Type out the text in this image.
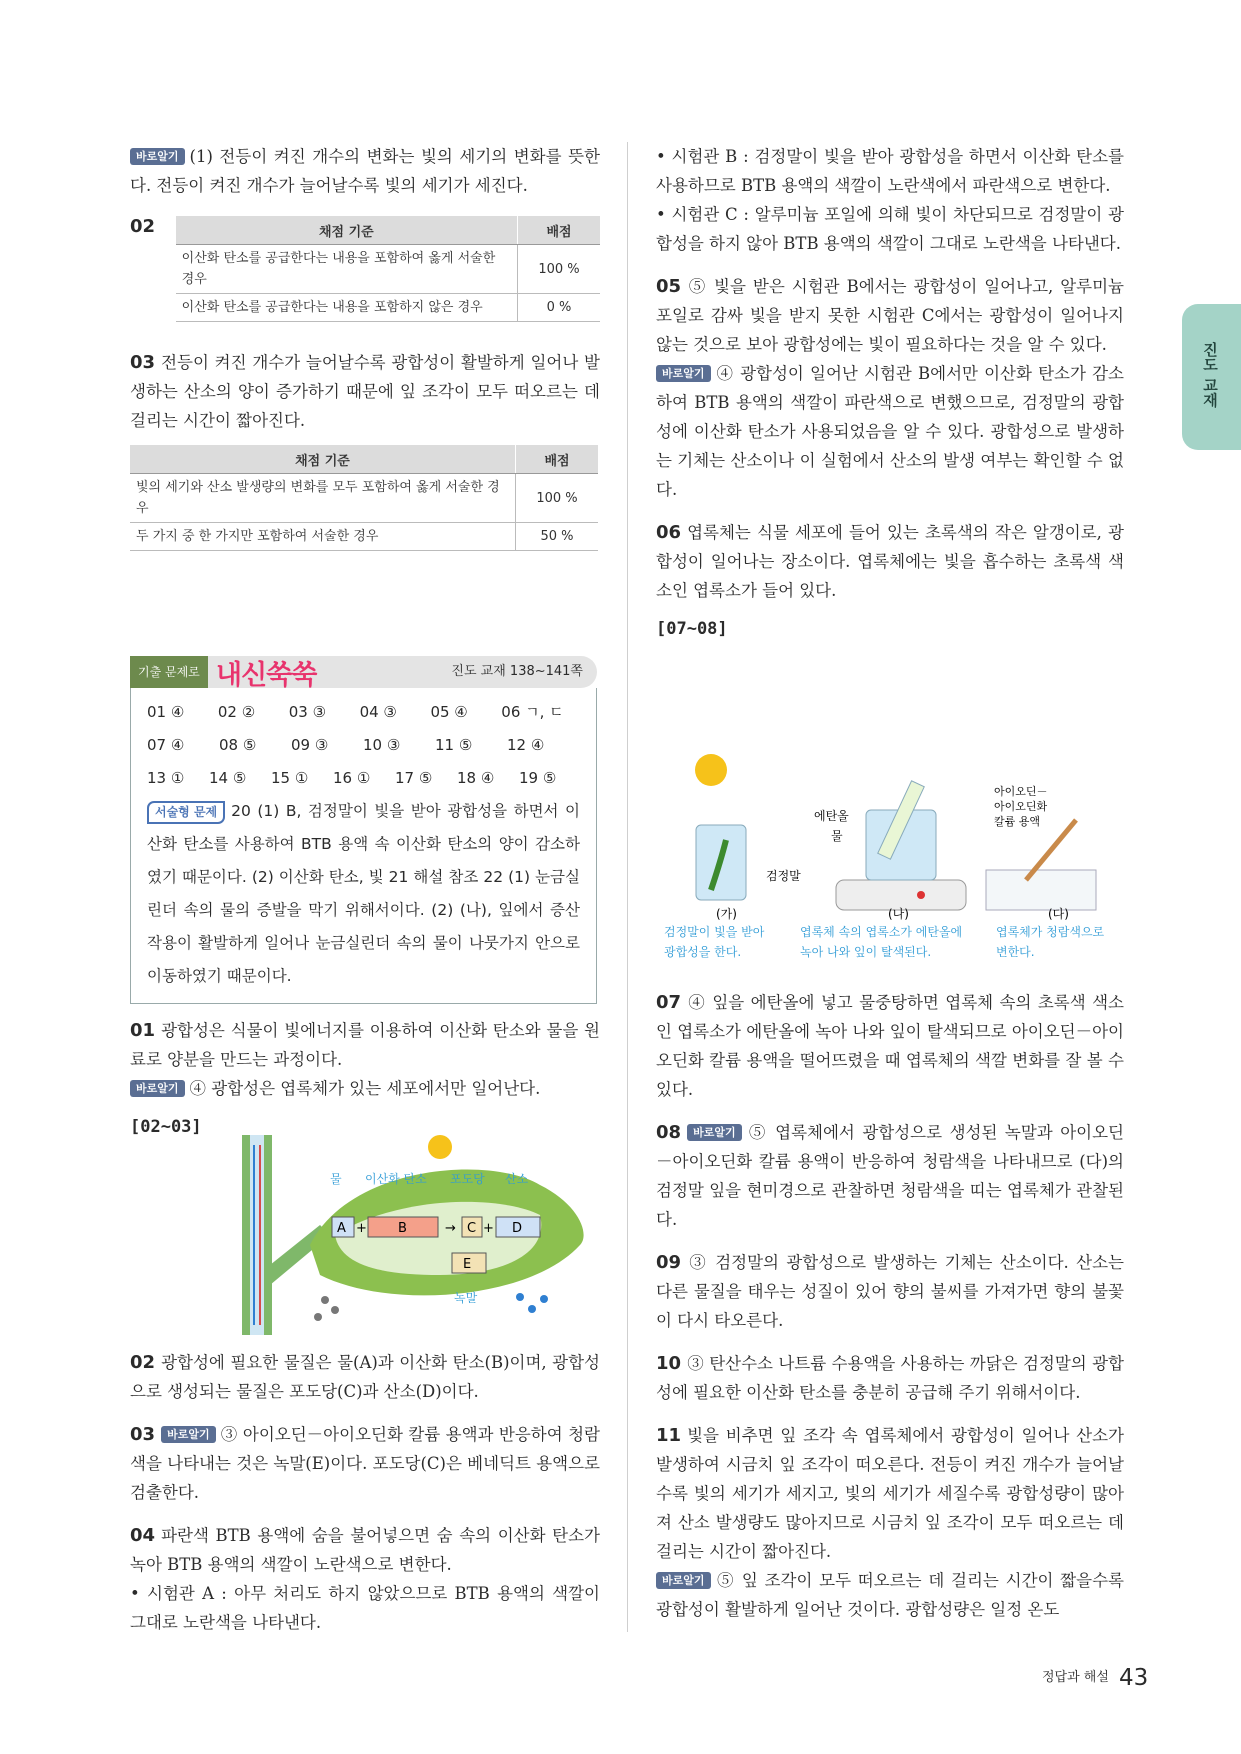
바로알기 (1) 전등이 켜진 개수의 변화는 빛의 세기의 변화를 뜻한다. 전등이 켜진 개수가 늘어날수록 빛의 세기가 세진다.

02	채점 기준	배점
이산화 탄소를 공급한다는 내용을 포함하여 옳게 서술한 경우	100 %
이산화 탄소를 공급한다는 내용을 포함하지 않은 경우	0 %

03 전등이 켜진 개수가 늘어날수록 광합성이 활발하게 일어나 발생하는 산소의 양이 증가하기 때문에 잎 조각이 모두 떠오르는 데 걸리는 시간이 짧아진다.

채점 기준	배점
빛의 세기와 산소 발생량의 변화를 모두 포함하여 옳게 서술한 경우	100 %
두 가지 중 한 가지만 포함하여 서술한 경우	50 %
기출 문제로 내신쑥쑥	진도 교재 138~141쪽
01 ④	02 ②	03 ③	04 ③	05 ④	06 ㄱ, ㄷ
07 ④	08 ⑤	09 ③	10 ③	11 ⑤	12 ④
13 ①	14 ⑤	15 ①	16 ①	17 ⑤	18 ④	19 ⑤
서술형 문제 20 (1) B, 검정말이 빛을 받아 광합성을 하면서 이산화 탄소를 사용하여 BTB 용액 속 이산화 탄소의 양이 감소하였기 때문이다. (2) 이산화 탄소, 빛 21 해설 참조 22 (1) 눈금실린더 속의 물의 증발을 막기 위해서이다. (2) (나), 잎에서 증산 작용이 활발하게 일어나 눈금실린더 속의 물이 나뭇가지 안으로 이동하였기 때문이다.

01 광합성은 식물이 빛에너지를 이용하여 이산화 탄소와 물을 원료로 양분을 만드는 과정이다.

바로알기 ④ 광합성은 엽록체가 있는 세포에서만 일어난다.

[02~03]
물 이산화 탄소 포도당 산소
A + B	→ C + D
E
녹말

02 광합성에 필요한 물질은 물(A)과 이산화 탄소(B)이며, 광합성으로 생성되는 물질은 포도당(C)과 산소(D)이다.

03 바로알기 ③ 아이오딘－아이오딘화 칼륨 용액과 반응하여 청람색을 나타내는 것은 녹말(E)이다. 포도당(C)은 베네딕트 용액으로 검출한다.

04 파란색 BTB 용액에 숨을 불어넣으면 숨 속의 이산화 탄소가 녹아 BTB 용액의 색깔이 노란색으로 변한다.

• 시험관 A : 아무 처리도 하지 않았으므로 BTB 용액의 색깔이 그대로 노란색을 나타낸다.

• 시험관 B : 검정말이 빛을 받아 광합성을 하면서 이산화 탄소를 사용하므로 BTB 용액의 색깔이 노란색에서 파란색으로 변한다.

• 시험관 C : 알루미늄 포일에 의해 빛이 차단되므로 검정말이 광합성을 하지 않아 BTB 용액의 색깔이 그대로 노란색을 나타낸다.

05 ⑤ 빛을 받은 시험관 B에서는 광합성이 일어나고, 알루미늄 포일로 감싸 빛을 받지 못한 시험관 C에서는 광합성이 일어나지 않는 것으로 보아 광합성에는 빛이 필요하다는 것을 알 수 있다.

바로알기 ④ 광합성이 일어난 시험관 B에서만 이산화 탄소가 감소하여 BTB 용액의 색깔이 파란색으로 변했으므로, 검정말의 광합성에 이산화 탄소가 사용되었음을 알 수 있다. 광합성으로 발생하는 기체는 산소이나 이 실험에서 산소의 발생 여부는 확인할 수 없다.

06 엽록체는 식물 세포에 들어 있는 초록색의 작은 알갱이로, 광합성이 일어나는 장소이다. 엽록체에는 빛을 흡수하는 초록색 색소인 엽록소가 들어 있다.

[07~08]
검정말
에탄올
물
아이오딘－
아이오딘화
칼륨 용액
(가)	(나)	(다)
검정말이 빛을 받아
광합성을 한다.
엽록체 속의 엽록소가 에탄올에
녹아 나와 잎이 탈색된다.
엽록체가 청람색으로
변한다.

07 ④ 잎을 에탄올에 넣고 물중탕하면 엽록체 속의 초록색 색소인 엽록소가 에탄올에 녹아 나와 잎이 탈색되므로 아이오딘－아이오딘화 칼륨 용액을 떨어뜨렸을 때 엽록체의 색깔 변화를 잘 볼 수 있다.

08 바로알기 ⑤ 엽록체에서 광합성으로 생성된 녹말과 아이오딘－아이오딘화 칼륨 용액이 반응하여 청람색을 나타내므로 (다)의 검정말 잎을 현미경으로 관찰하면 청람색을 띠는 엽록체가 관찰된다.

09 ③ 검정말의 광합성으로 발생하는 기체는 산소이다. 산소는 다른 물질을 태우는 성질이 있어 향의 불씨를 가져가면 향의 불꽃이 다시 타오른다.

10 ③ 탄산수소 나트륨 수용액을 사용하는 까닭은 검정말의 광합성에 필요한 이산화 탄소를 충분히 공급해 주기 위해서이다.

11 빛을 비추면 잎 조각 속 엽록체에서 광합성이 일어나 산소가 발생하여 시금치 잎 조각이 떠오른다. 전등이 켜진 개수가 늘어날수록 빛의 세기가 세지고, 빛의 세기가 세질수록 광합성량이 많아져 산소 발생량도 많아지므로 시금치 잎 조각이 모두 떠오르는 데 걸리는 시간이 짧아진다.

바로알기 ⑤ 잎 조각이 모두 떠오르는 데 걸리는 시간이 짧을수록 광합성이 활발하게 일어난 것이다. 광합성량은 일정 온도

진도 교재
$^{정답과 해설}$ 43
